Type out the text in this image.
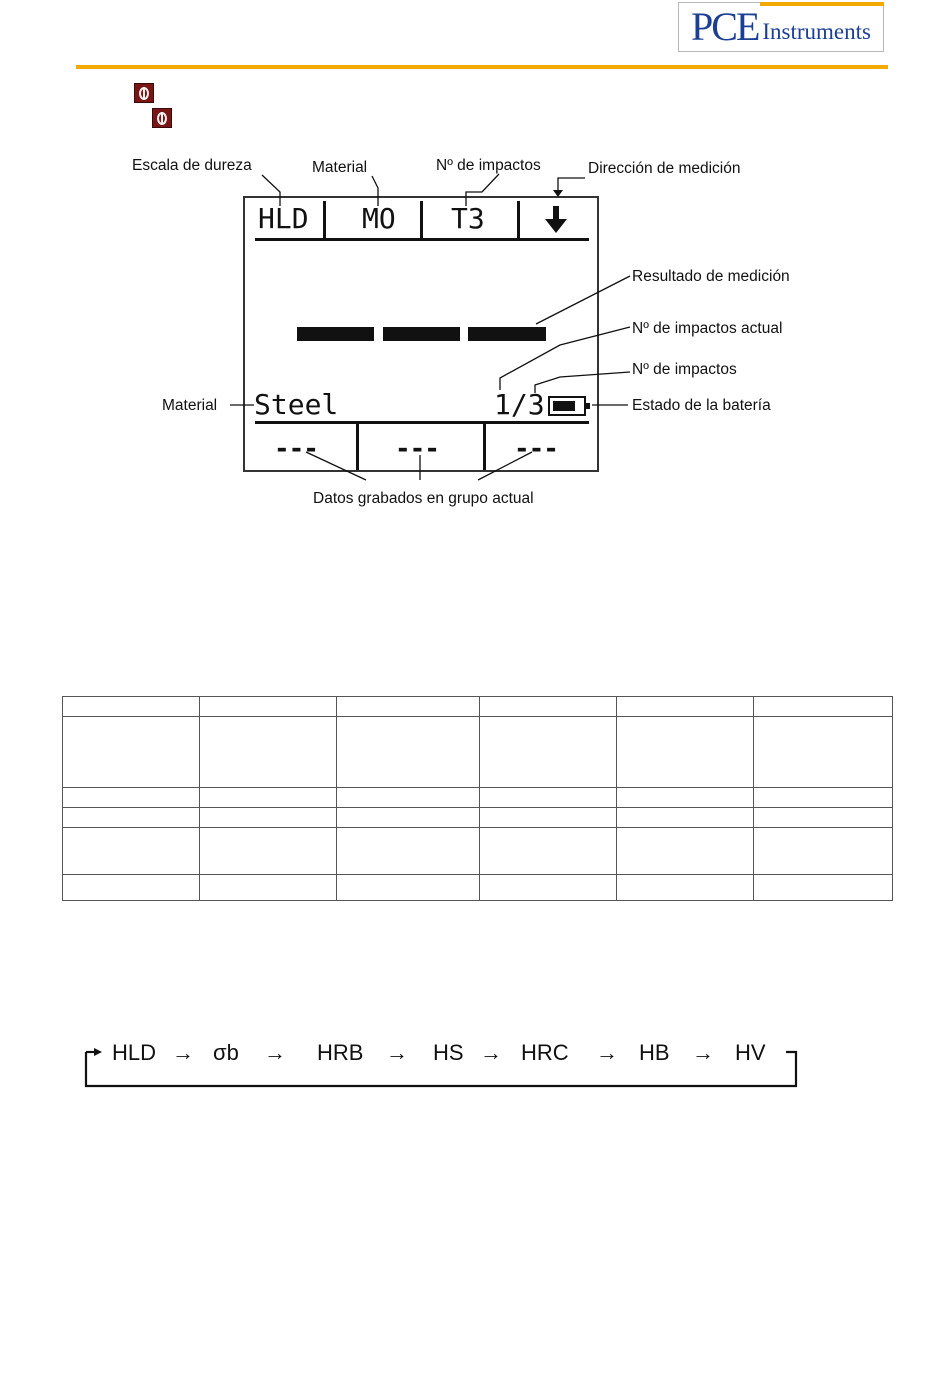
PCE Instruments
Escala de dureza	Material	Nº de impactos	Dirección de medición
Resultado de medición
Nº de impactos actual
Nº de impactos
Material	Estado de la batería
Datos grabados en grupo actual
HLD MO T3
Steel	1/3
---	---	---

HLD → σb → HRB → HS → HRC → HB → HV
